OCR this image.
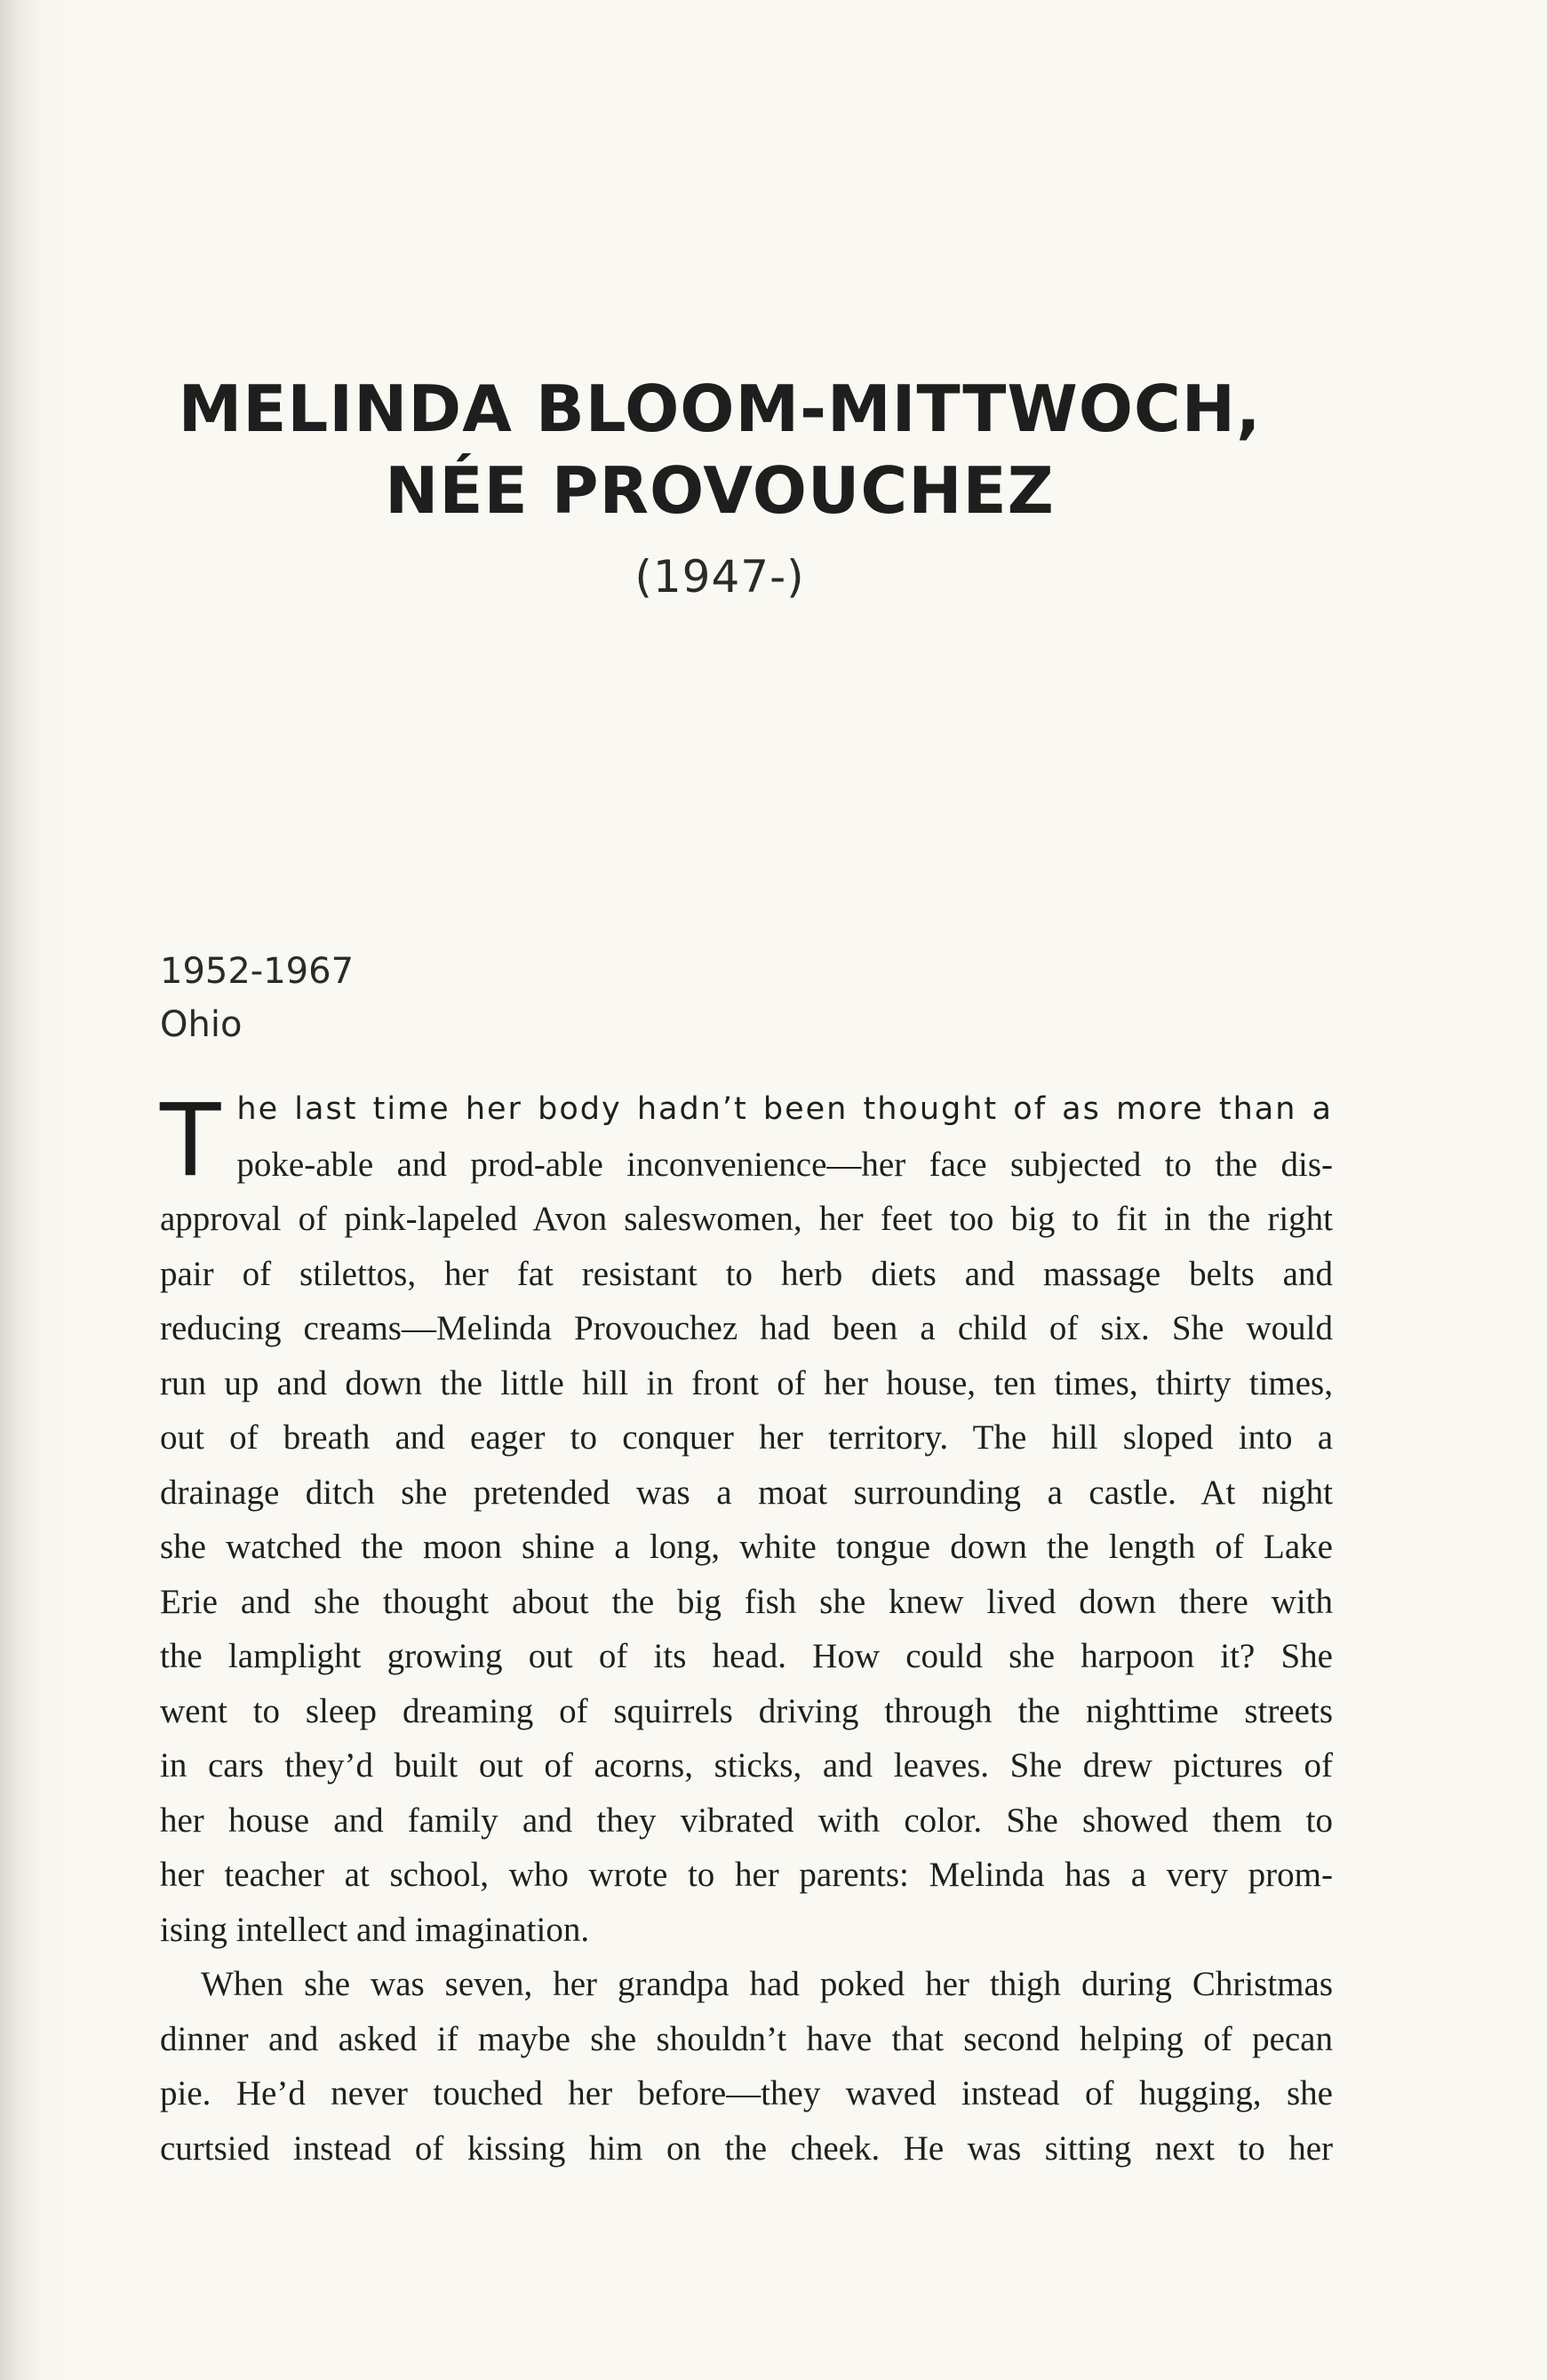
MELINDA BLOOM-MITTWOCH,
NÉE PROVOUCHEZ
(1947-)
1952-1967
Ohio
T he last time her body hadn’t been thought of as more than a
poke-able and prod-able inconvenience—her face subjected to the dis-
approval of pink-lapeled Avon saleswomen, her feet too big to fit in the right
pair of stilettos, her fat resistant to herb diets and massage belts and
reducing creams—Melinda Provouchez had been a child of six. She would
run up and down the little hill in front of her house, ten times, thirty times,
out of breath and eager to conquer her territory. The hill sloped into a
drainage ditch she pretended was a moat surrounding a castle. At night
she watched the moon shine a long, white tongue down the length of Lake
Erie and she thought about the big fish she knew lived down there with
the lamplight growing out of its head. How could she harpoon it? She
went to sleep dreaming of squirrels driving through the nighttime streets
in cars they’d built out of acorns, sticks, and leaves. She drew pictures of
her house and family and they vibrated with color. She showed them to
her teacher at school, who wrote to her parents: Melinda has a very prom-
ising intellect and imagination.
When she was seven, her grandpa had poked her thigh during Christmas
dinner and asked if maybe she shouldn’t have that second helping of pecan
pie. He’d never touched her before—they waved instead of hugging, she
curtsied instead of kissing him on the cheek. He was sitting next to her
